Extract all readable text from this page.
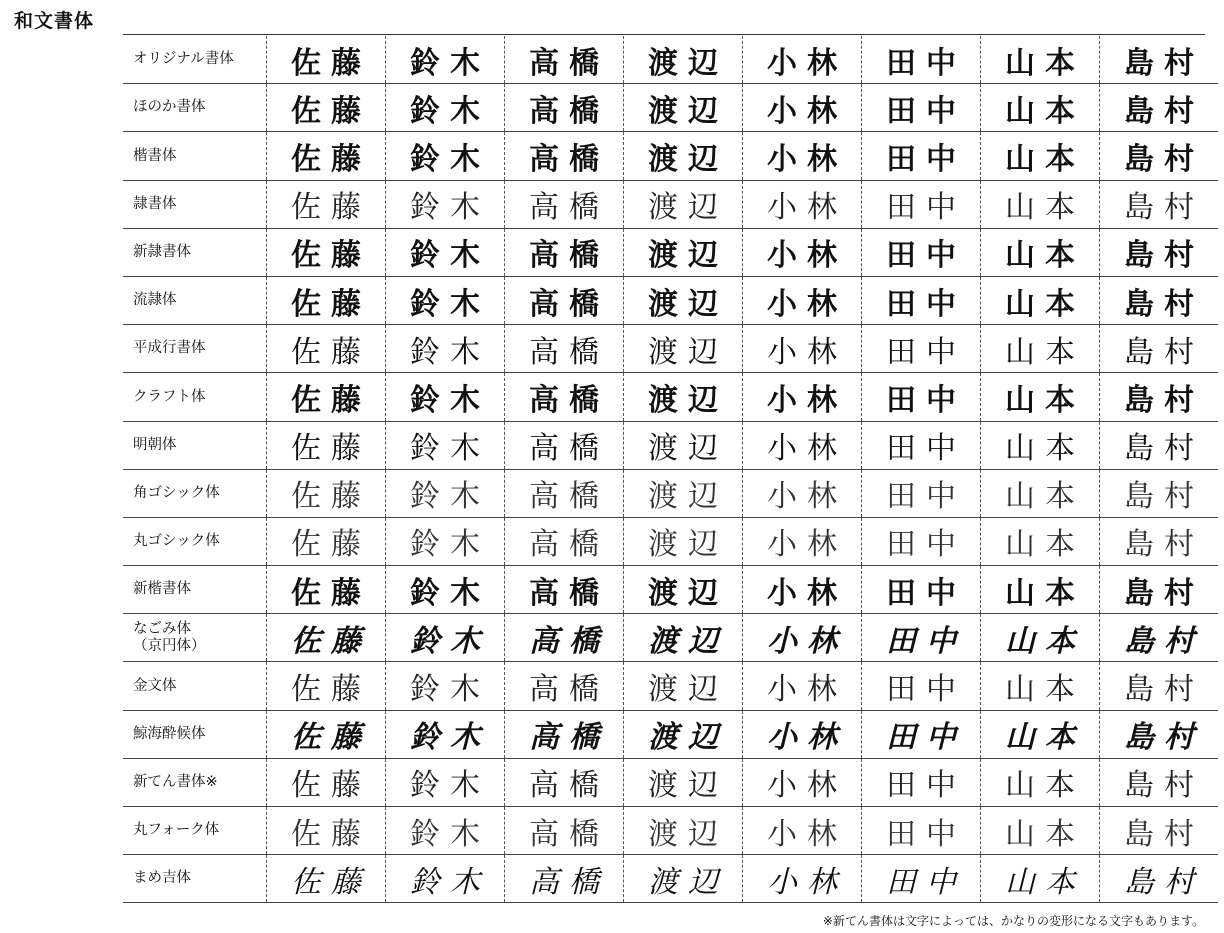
和文書体
オリジナル書体	佐藤	鈴木	高橋	渡辺	小林	田中	山本	島村
ほのか書体	佐藤	鈴木	高橋	渡辺	小林	田中	山本	島村
楷書体	佐藤	鈴木	高橋	渡辺	小林	田中	山本	島村
隷書体	佐藤	鈴木	高橋	渡辺	小林	田中	山本	島村
新隷書体	佐藤	鈴木	高橋	渡辺	小林	田中	山本	島村
流隷体	佐藤	鈴木	高橋	渡辺	小林	田中	山本	島村
平成行書体	佐藤	鈴木	高橋	渡辺	小林	田中	山本	島村
クラフト体	佐藤	鈴木	高橋	渡辺	小林	田中	山本	島村
明朝体	佐藤	鈴木	高橋	渡辺	小林	田中	山本	島村
角ゴシック体	佐藤	鈴木	高橋	渡辺	小林	田中	山本	島村
丸ゴシック体	佐藤	鈴木	高橋	渡辺	小林	田中	山本	島村
新楷書体	佐藤	鈴木	高橋	渡辺	小林	田中	山本	島村
なごみ体
（京円体）	佐藤	鈴木	高橋	渡辺	小林	田中	山本	島村
金文体	佐藤	鈴木	高橋	渡辺	小林	田中	山本	島村
鯨海酔候体	佐藤	鈴木	高橋	渡辺	小林	田中	山本	島村
新てん書体※	佐藤	鈴木	高橋	渡辺	小林	田中	山本	島村
丸フォーク体	佐藤	鈴木	高橋	渡辺	小林	田中	山本	島村
まめ吉体	佐藤	鈴木	高橋	渡辺	小林	田中	山本	島村
※新てん書体は文字によっては、かなりの変形になる文字もあります。
